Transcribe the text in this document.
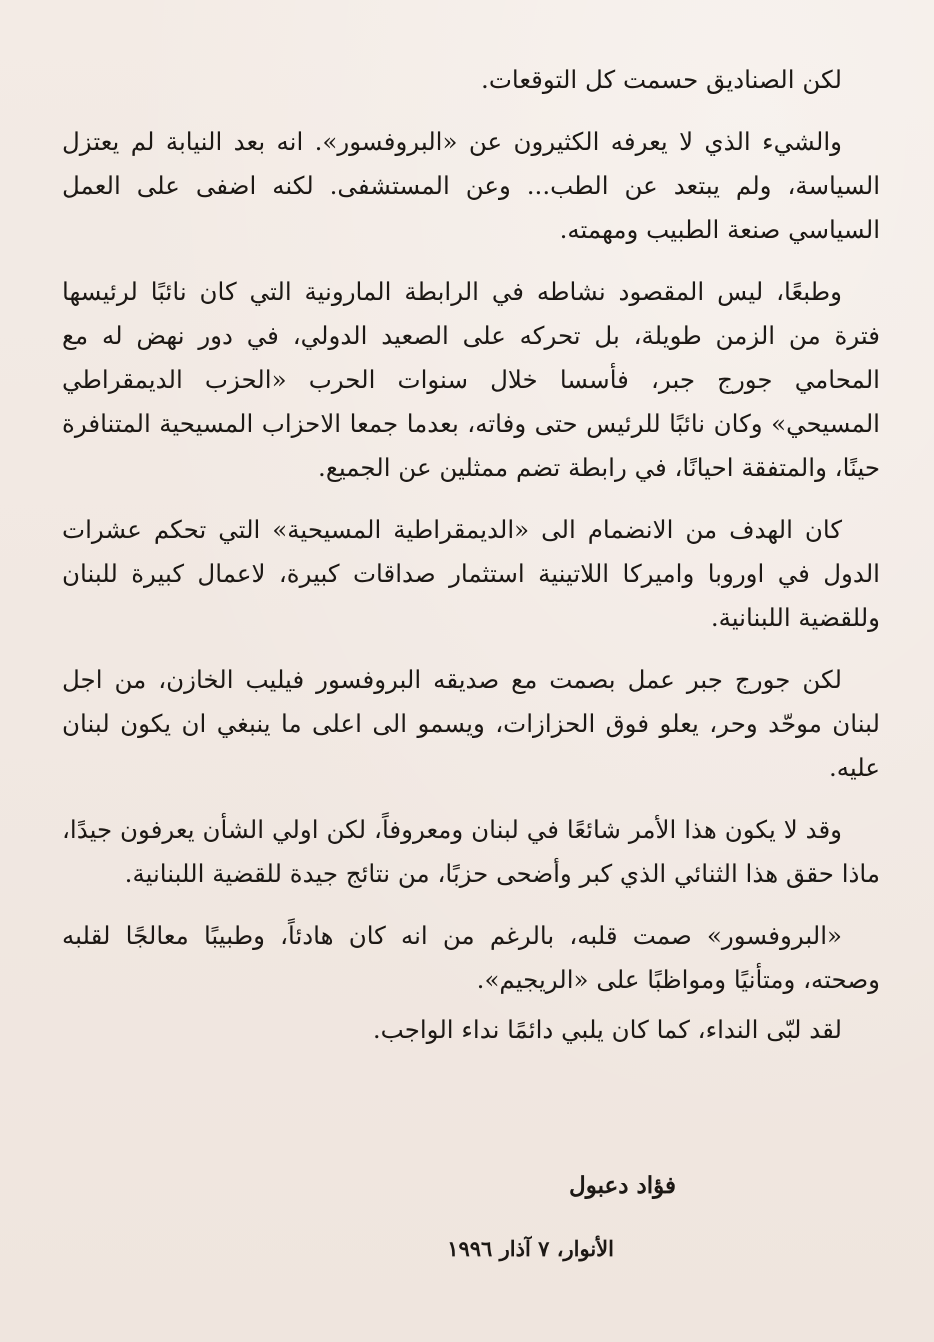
لكن الصناديق حسمت كل التوقعات.

والشيء الذي لا يعرفه الكثيرون عن «البروفسور». انه بعد النيابة لم يعتزل السياسة، ولم يبتعد عن الطب... وعن المستشفى. لكنه اضفى على العمل السياسي صنعة الطبيب ومهمته.

وطبعًا، ليس المقصود نشاطه في الرابطة المارونية التي كان نائبًا لرئيسها فترة من الزمن طويلة، بل تحركه على الصعيد الدولي، في دور نهض له مع المحامي جورج جبر، فأسسا خلال سنوات الحرب «الحزب الديمقراطي المسيحي» وكان نائبًا للرئيس حتى وفاته، بعدما جمعا الاحزاب المسيحية المتنافرة حينًا، والمتفقة احيانًا، في رابطة تضم ممثلين عن الجميع.

كان الهدف من الانضمام الى «الديمقراطية المسيحية» التي تحكم عشرات الدول في اوروبا واميركا اللاتينية استثمار صداقات كبيرة، لاعمال كبيرة للبنان وللقضية اللبنانية.

لكن جورج جبر عمل بصمت مع صديقه البروفسور فيليب الخازن، من اجل لبنان موحّد وحر، يعلو فوق الحزازات، ويسمو الى اعلى ما ينبغي ان يكون لبنان عليه.

وقد لا يكون هذا الأمر شائعًا في لبنان ومعروفاً، لكن اولي الشأن يعرفون جيدًا، ماذا حقق هذا الثنائي الذي كبر وأضحى حزبًا، من نتائج جيدة للقضية اللبنانية.

«البروفسور» صمت قلبه، بالرغم من انه كان هادئاً، وطبيبًا معالجًا لقلبه وصحته، ومتأنيًا ومواظبًا على «الريجيم».

لقد لبّى النداء، كما كان يلبي دائمًا نداء الواجب.

فؤاد دعبول
الأنوار، ٧ آذار ١٩٩٦
